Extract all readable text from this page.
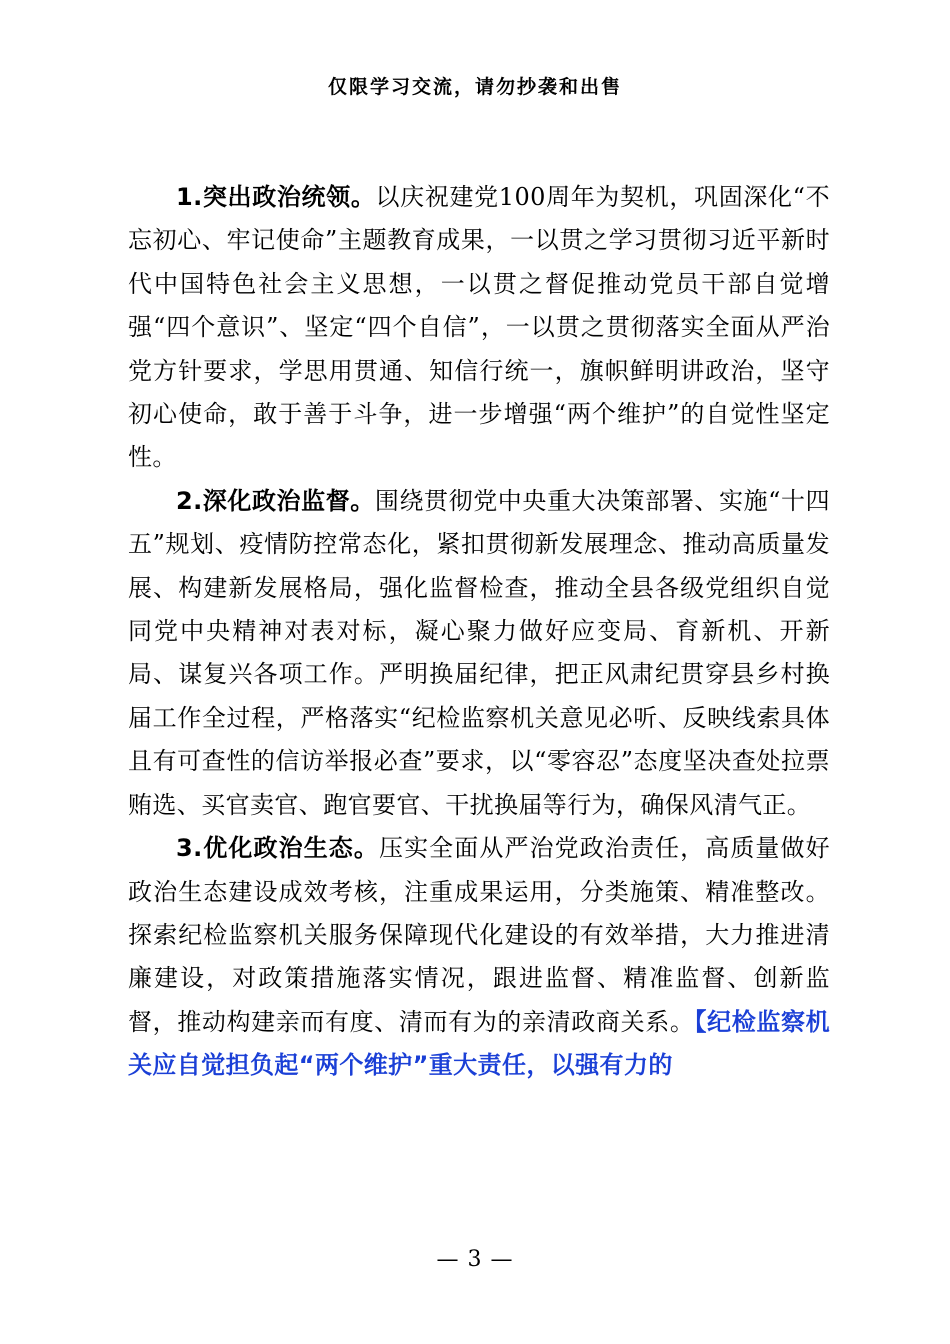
仅限学习交流，请勿抄袭和出售

1.突出政治统领。以庆祝建党100周年为契机，巩固深化“不忘初心、牢记使命”主题教育成果，一以贯之学习贯彻习近平新时代中国特色社会主义思想，一以贯之督促推动党员干部自觉增强“四个意识”、坚定“四个自信”，一以贯之贯彻落实全面从严治党方针要求，学思用贯通、知信行统一，旗帜鲜明讲政治，坚守初心使命，敢于善于斗争，进一步增强“两个维护”的自觉性坚定性。

2.深化政治监督。围绕贯彻党中央重大决策部署、实施“十四五”规划、疫情防控常态化，紧扣贯彻新发展理念、推动高质量发展、构建新发展格局，强化监督检查，推动全县各级党组织自觉同党中央精神对表对标，凝心聚力做好应变局、育新机、开新局、谋复兴各项工作。严明换届纪律，把正风肃纪贯穿县乡村换届工作全过程，严格落实“纪检监察机关意见必听、反映线索具体且有可查性的信访举报必查”要求，以“零容忍”态度坚决查处拉票贿选、买官卖官、跑官要官、干扰换届等行为，确保风清气正。

3.优化政治生态。压实全面从严治党政治责任，高质量做好政治生态建设成效考核，注重成果运用，分类施策、精准整改。探索纪检监察机关服务保障现代化建设的有效举措，大力推进清廉建设，对政策措施落实情况，跟进监督、精准监督、创新监督，推动构建亲而有度、清而有为的亲清政商关系。【纪检监察机关应自觉担负起“两个维护”重大责任，以强有力的

— 3 —
